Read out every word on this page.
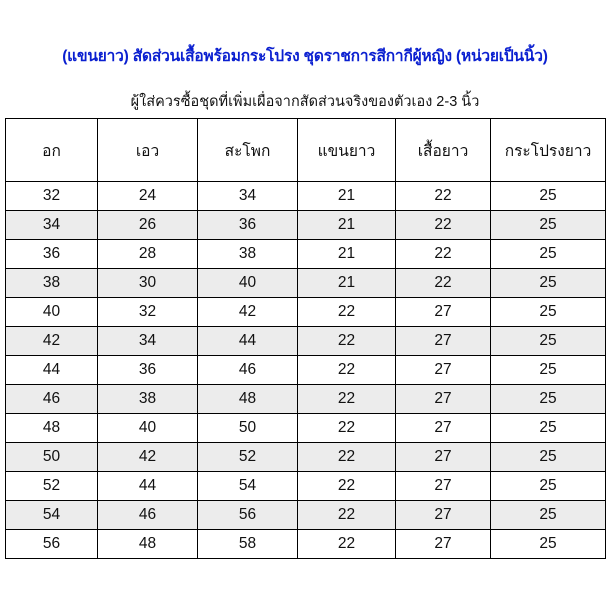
(แขนยาว) สัดส่วนเสื้อพร้อมกระโปรง ชุดราชการสีกากีผู้หญิง (หน่วยเป็นนิ้ว)
ผู้ใส่ควรซื้อชุดที่เพิ่มเผื่อจากสัดส่วนจริงของตัวเอง 2-3 นิ้ว
อก	เอว	สะโพก	แขนยาว	เสื้อยาว	กระโปรงยาว
32	24	34	21	22	25
34	26	36	21	22	25
36	28	38	21	22	25
38	30	40	21	22	25
40	32	42	22	27	25
42	34	44	22	27	25
44	36	46	22	27	25
46	38	48	22	27	25
48	40	50	22	27	25
50	42	52	22	27	25
52	44	54	22	27	25
54	46	56	22	27	25
56	48	58	22	27	25
